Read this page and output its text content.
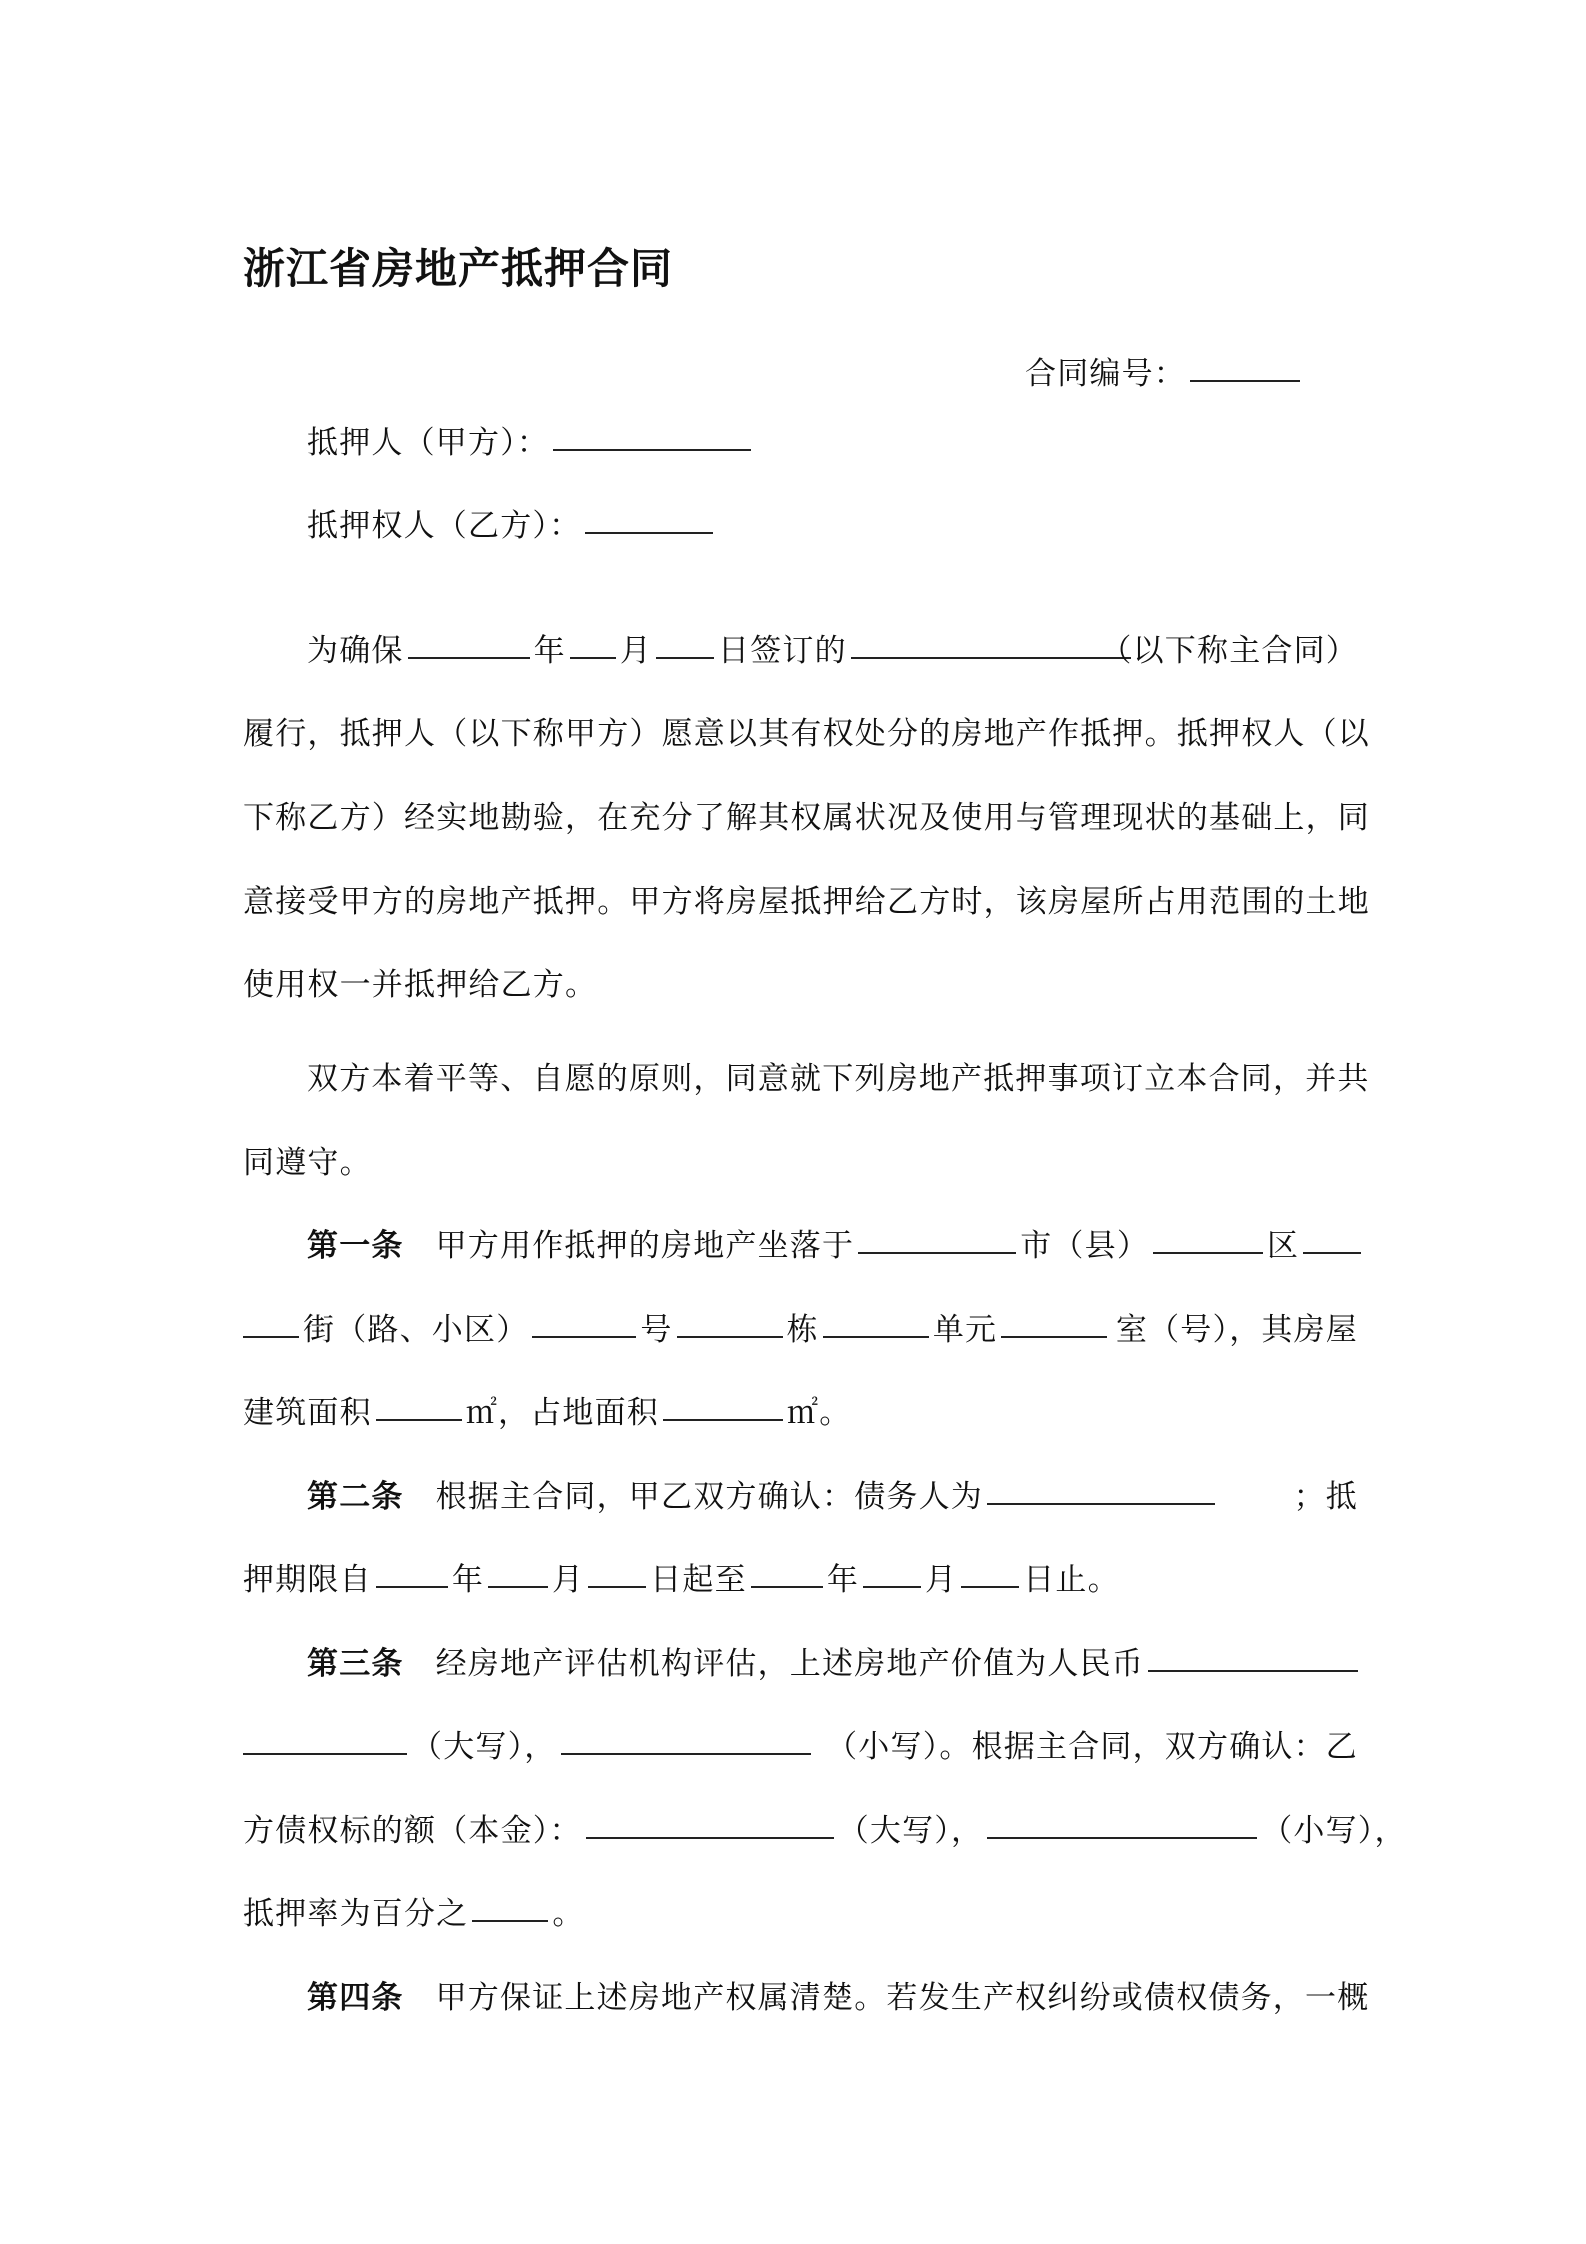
浙江省房地产抵押合同
合同编号：
抵押人（甲方）：
抵押权人（乙方）：
为确保	年 月 日签订的	（以下称主合同）
履行，抵押人（以下称甲方）愿意以其有权处分的房地产作抵押。抵押权人（以
下称乙方）经实地勘验，在充分了解其权属状况及使用与管理现状的基础上，同
意接受甲方的房地产抵押。甲方将房屋抵押给乙方时，该房屋所占用范围的土地
使用权一并抵押给乙方。
双方本着平等、自愿的原则，同意就下列房地产抵押事项订立本合同，并共
同遵守。
第一条 甲方用作抵押的房地产坐落于	市（县）	区
街（路、小区）	号	栋	单元	室（号），其房屋
建筑面积	㎡，占地面积	㎡。
第二条 根据主合同，甲乙双方确认：债务人为	；抵
押期限自	年 月 日起至	年 月 日止。
第三条 经房地产评估机构评估，上述房地产价值为人民币
（大写），	（小写）。根据主合同，双方确认：乙
方债权标的额（本金）：	（大写），	（小写），
抵押率为百分之	。
第四条 甲方保证上述房地产权属清楚。若发生产权纠纷或债权债务，一概
